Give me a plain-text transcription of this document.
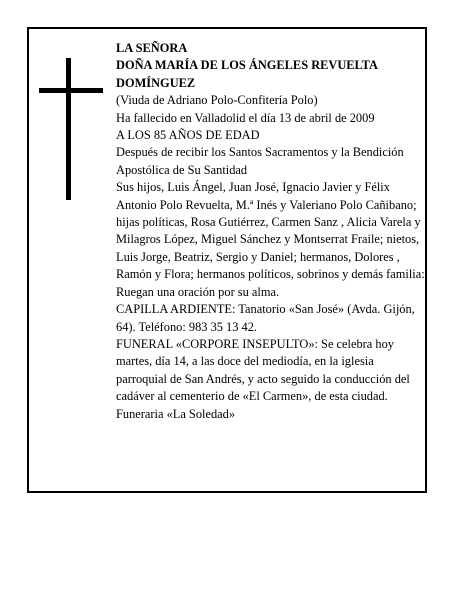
LA SEÑORA

DOÑA MARÍA DE LOS ÁNGELES REVUELTA DOMÍNGUEZ

(Viuda de Adriano Polo-Confitería Polo)

Ha fallecido en Valladolid el día 13 de abril de 2009

A LOS 85 AÑOS DE EDAD

Después de recibir los Santos Sacramentos y la Bendición Apostólica de Su Santidad

Sus hijos, Luis Ángel, Juan José, Ignacio Javier y Félix Antonio Polo Revuelta, M.ª Inés y Valeriano Polo Cañibano; hijas políticas, Rosa Gutiérrez, Carmen Sanz , Alicia Varela y Milagros López, Miguel Sánchez y Montserrat Fraile; nietos, Luis Jorge, Beatriz, Sergio y Daniel; hermanos, Dolores , Ramón y Flora; hermanos políticos, sobrinos y demás familia:

Ruegan una oración por su alma.

CAPILLA ARDIENTE: Tanatorio «San José» (Avda. Gijón, 64). Teléfono: 983 35 13 42.

FUNERAL «CORPORE INSEPULTO»: Se celebra hoy martes, día 14, a las doce del mediodía, en la iglesia parroquial de San Andrés, y acto seguido la conducción del cadáver al cementerio de «El Carmen», de esta ciudad.

Funeraria «La Soledad»
